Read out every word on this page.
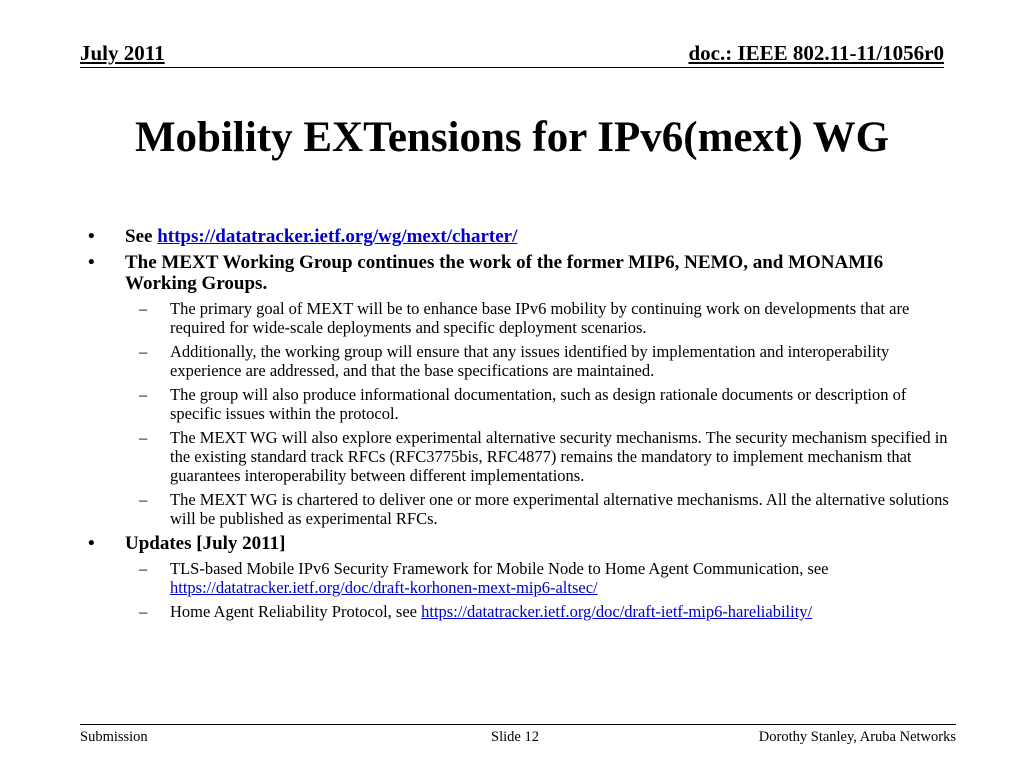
July 2011	doc.: IEEE 802.11-11/1056r0
Mobility EXTensions for IPv6(mext) WG
• See https://datatracker.ietf.org/wg/mext/charter/
• The MEXT Working Group continues the work of the former MIP6, NEMO, and MONAMI6 Working Groups.
– The primary goal of MEXT will be to enhance base IPv6 mobility by continuing work on developments that are required for wide-scale deployments and specific deployment scenarios.
– Additionally, the working group will ensure that any issues identified by implementation and interoperability experience are addressed, and that the base specifications are maintained.
– The group will also produce informational documentation, such as design rationale documents or description of specific issues within the protocol.
– The MEXT WG will also explore experimental alternative security mechanisms. The security mechanism specified in the existing standard track RFCs (RFC3775bis, RFC4877) remains the mandatory to implement mechanism that guarantees interoperability between different implementations.
– The MEXT WG is chartered to deliver one or more experimental alternative mechanisms. All the alternative solutions will be published as experimental RFCs.
• Updates [July 2011]
– TLS-based Mobile IPv6 Security Framework for Mobile Node to Home Agent Communication, see https://datatracker.ietf.org/doc/draft-korhonen-mext-mip6-altsec/
– Home Agent Reliability Protocol, see https://datatracker.ietf.org/doc/draft-ietf-mip6-hareliability/
Submission	Slide 12	Dorothy Stanley, Aruba Networks
